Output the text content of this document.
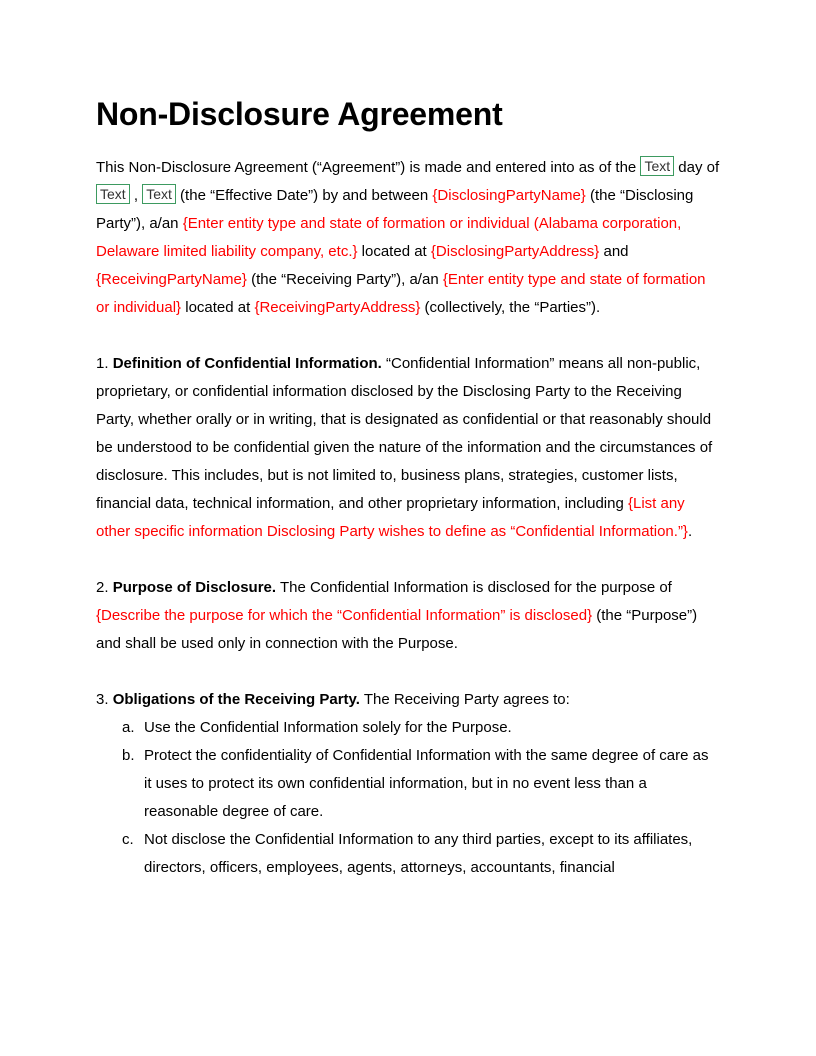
Non-Disclosure Agreement

This Non-Disclosure Agreement (“Agreement”) is made and entered into as of the Text day of Text , Text (the “Effective Date”) by and between {DisclosingPartyName} (the “Disclosing Party”), a/an {Enter entity type and state of formation or individual (Alabama corporation, Delaware limited liability company, etc.} located at {DisclosingPartyAddress} and {ReceivingPartyName} (the “Receiving Party”), a/an {Enter entity type and state of formation or individual} located at {ReceivingPartyAddress} (collectively, the “Parties”).

1. Definition of Confidential Information. “Confidential Information” means all non-public, proprietary, or confidential information disclosed by the Disclosing Party to the Receiving Party, whether orally or in writing, that is designated as confidential or that reasonably should be understood to be confidential given the nature of the information and the circumstances of disclosure. This includes, but is not limited to, business plans, strategies, customer lists, financial data, technical information, and other proprietary information, including {List any other specific information Disclosing Party wishes to define as “Confidential Information.”}.

2. Purpose of Disclosure. The Confidential Information is disclosed for the purpose of {Describe the purpose for which the “Confidential Information” is disclosed} (the “Purpose”) and shall be used only in connection with the Purpose.

3. Obligations of the Receiving Party. The Receiving Party agrees to:

a. Use the Confidential Information solely for the Purpose.
b. Protect the confidentiality of Confidential Information with the same degree of care as it uses to protect its own confidential information, but in no event less than a reasonable degree of care.
c. Not disclose the Confidential Information to any third parties, except to its affiliates, directors, officers, employees, agents, attorneys, accountants, financial
